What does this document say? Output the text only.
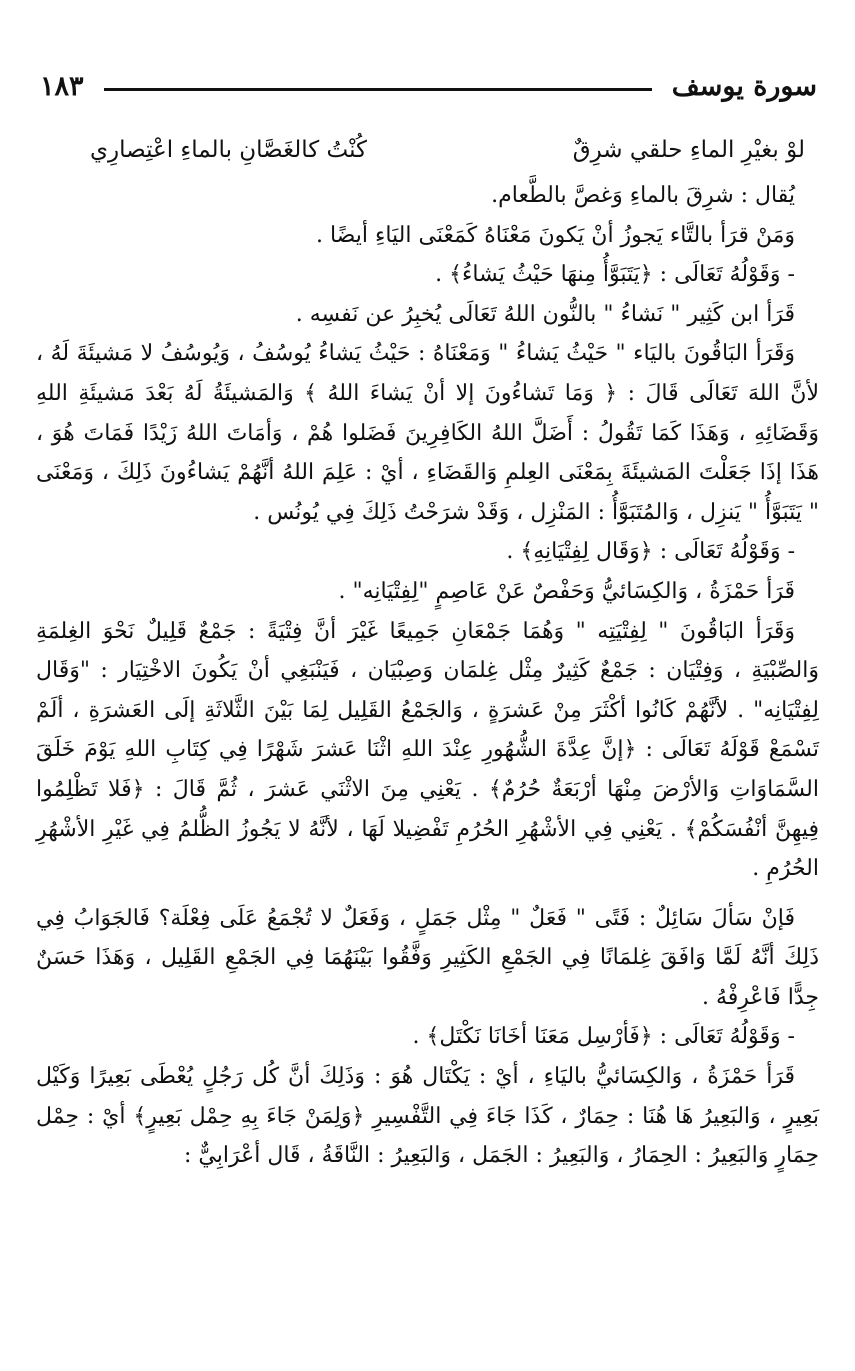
سورة يوسف
١٨٣
لوْ بغيْرِ الماءِ حلقي شرِقٌ
كُنْتُ كالغَصَّانِ بالماءِ اعْتِصارِي

يُقال : شرِقَ بالماءِ وَغصَّ بالطَّعام.

وَمَنْ قرَأ بالتَّاء يَجوزُ أنْ يَكونَ مَعْنَاهُ كَمَعْنَى اليَاءِ أيضًا .

- وَقَوْلُهُ تَعَالَى : ﴿يَتَبَوَّأُ مِنهَا حَيْثُ يَشاءُ﴾ .

قَرَأ ابن كَثِير " نَشاءُ " بالنُّون اللهُ تَعَالَى يُخبِرُ عن نَفسِه .

وَقَرَأ البَاقُونَ باليَاء " حَيْثُ يَشاءُ " وَمَعْنَاهُ : حَيْثُ يَشاءُ يُوسُفُ ، وَيُوسُفُ لا مَشيئَةَ لَهُ ، لأنَّ اللهَ تَعَالَى قَالَ : ﴿ وَمَا تَشاءُونَ إلا أنْ يَشاءَ اللهُ ﴾ وَالمَشيئَةُ لَهُ بَعْدَ مَشيئَةِ اللهِ وَقَضَائِهِ ، وَهَذَا كَمَا تَقُولُ : أَضَلَّ اللهُ الكَافِرِينَ فَضَلوا هُمْ ، وَأمَاتَ اللهُ زَيْدًا فَمَاتَ هُوَ ، هَذَا إذَا جَعَلْتَ المَشيئَةَ بِمَعْنَى العِلمِ وَالقَضَاءِ ، أيْ : عَلِمَ اللهُ أنَّهُمْ يَشاءُونَ ذَلِكَ ، وَمَعْنَى " يَتَبَوَّأُ " يَنزِل ، وَالمُتَبَوَّأُ : المَنْزِل ، وَقَدْ شرَحْتُ ذَلِكَ فِي يُونُس .

- وَقَوْلُهُ تَعَالَى : ﴿وَقَال لِفِتْيَانِهِ﴾ .

قَرَأ حَمْزَةُ ، وَالكِسَائيُّ وَحَفْصٌ عَنْ عَاصِمٍ "لِفِتْيَانِه" .

وَقَرَأ البَاقُونَ " لِفِتْيَتِه " وَهُمَا جَمْعَانِ جَمِيعًا غَيْرَ أنَّ فِتْيَةً : جَمْعٌ قَلِيلٌ نَحْوَ الغِلمَةِ وَالصِّبْيَةِ ، وَفِتْيَان : جَمْعٌ كَثِيرٌ مِثْل غِلمَان وَصِبْيَان ، فَيَنْبَغِي أنْ يَكُونَ الاخْتِيَار : "وَقَال لِفِتْيَانِه" . لأنَّهُمْ كَانُوا أكْثَرَ مِنْ عَشرَةٍ ، وَالجَمْعُ القَلِيل لِمَا بَيْنَ الثَّلاثَةِ إلَى العَشرَةِ ، ألَمْ تَسْمَعْ قَوْلَهُ تَعَالَى : ﴿إنَّ عِدَّةَ الشُّهُورِ عِنْدَ اللهِ اثْنَا عَشرَ شَهْرًا فِي كِتَابِ اللهِ يَوْمَ خَلَقَ السَّمَاوَاتِ وَالأرْضَ مِنْهَا أرْبَعَةٌ حُرُمٌ﴾ . يَعْنِي مِنَ الاثْنَي عَشرَ ، ثُمَّ قَالَ : ﴿فَلا تَظْلِمُوا فِيهِنَّ أنْفُسَكُمْ﴾ . يَعْنِي فِي الأشْهُرِ الحُرُمِ تَفْضِيلا لَهَا ، لأنَّهُ لا يَجُوزُ الظُّلمُ فِي غَيْرِ الأشْهُرِ الحُرُمِ .

فَإنْ سَألَ سَائِلٌ : فَتًى " فَعَلٌ " مِثْل جَمَلٍ ، وَفَعَلٌ لا تُجْمَعُ عَلَى فِعْلَة؟ فَالجَوَابُ فِي ذَلِكَ أنَّهُ لَمَّا وَافَقَ غِلمَانًا فِي الجَمْعِ الكَثِيرِ وَفَّقُوا بَيْنَهُمَا فِي الجَمْعِ القَلِيل ، وَهَذَا حَسَنٌ جِدًّا فَاعْرِفْهُ .

- وَقَوْلُهُ تَعَالَى : ﴿فَأرْسِل مَعَنَا أخَانَا نَكْتَل﴾ .

قَرَأ حَمْزَةُ ، وَالكِسَائيُّ باليَاءِ ، أيْ : يَكْتَال هُوَ : وَذَلِكَ أنَّ كُل رَجُلٍ يُعْطَى بَعِيرًا وَكَيْل بَعِيرٍ ، وَالبَعِيرُ هَا هُنَا : حِمَارٌ ، كَذَا جَاءَ فِي التَّفْسِيرِ ﴿وَلِمَنْ جَاءَ بِهِ حِمْل بَعِيرٍ﴾ أيْ : حِمْل حِمَارٍ وَالبَعِيرُ : الحِمَارُ ، وَالبَعِيرُ : الجَمَل ، وَالبَعِيرُ : النَّاقَةُ ، قَال أعْرَابِيٌّ :
